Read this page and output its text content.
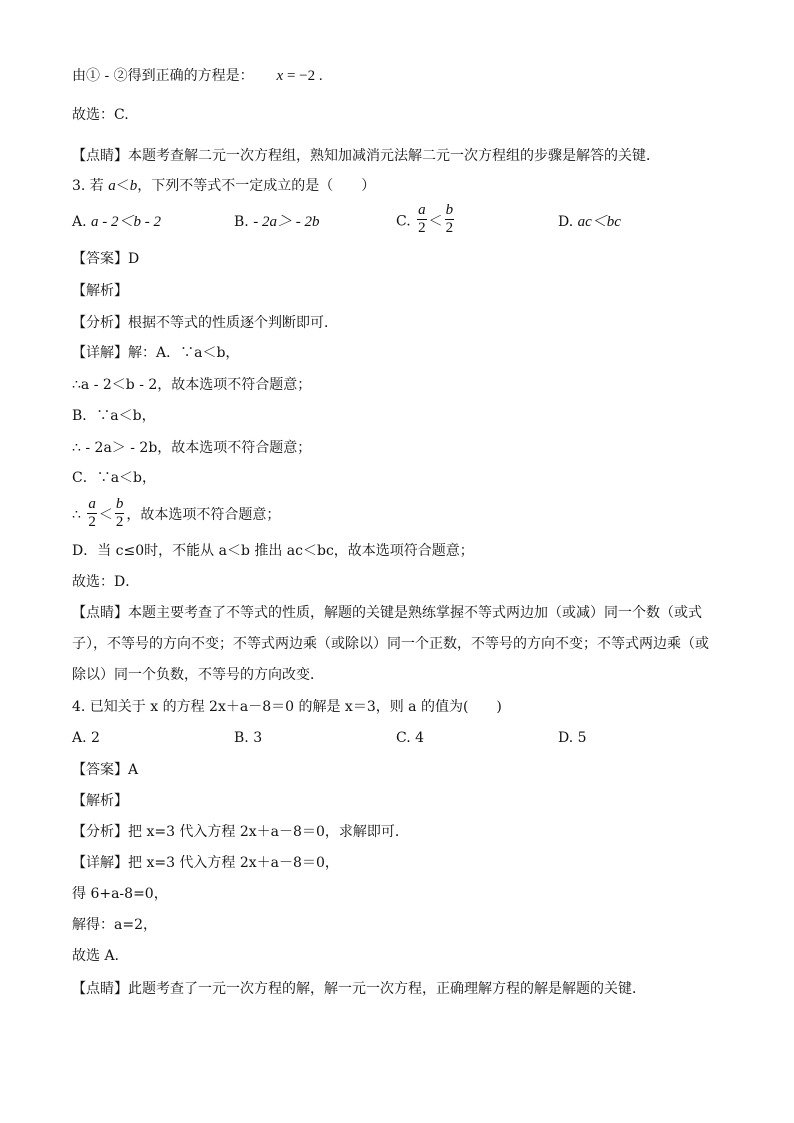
由① - ②得到正确的方程是： x = −2 .
故选：C.
【点睛】本题考查解二元一次方程组，熟知加减消元法解二元一次方程组的步骤是解答的关键．
3. 若 a＜b，下列不等式不一定成立的是（　　）
A. a - 2＜b - 2	B. - 2a＞ - 2b	C. $\frac{a}{2} < \frac{b}{2}$	D. ac＜bc
【答案】D
【解析】
【分析】根据不等式的性质逐个判断即可．
【详解】解：A．∵a＜b，
∴a - 2＜b - 2，故本选项不符合题意；
B．∵a＜b，
∴ - 2a＞ - 2b，故本选项不符合题意；
C．∵a＜b，
∴ $\frac{a}{2} < \frac{b}{2}$ ，故本选项不符合题意；
D．当 c≤0时，不能从 a＜b 推出 ac＜bc，故本选项符合题意；
故选：D．
【点睛】本题主要考查了不等式的性质，解题的关键是熟练掌握不等式两边加（或减）同一个数（或式子），不等号的方向不变；不等式两边乘（或除以）同一个正数，不等号的方向不变；不等式两边乘（或除以）同一个负数，不等号的方向改变．
4. 已知关于 x 的方程 2x＋a－8＝0 的解是 x＝3，则 a 的值为(　　)
A. 2	B. 3	C. 4	D. 5
【答案】A
【解析】
【分析】把 x=3 代入方程 2x＋a－8＝0，求解即可．
【详解】把 x=3 代入方程 2x＋a－8＝0，
得 6+a-8=0，
解得：a=2，
故选 A.
【点睛】此题考查了一元一次方程的解，解一元一次方程，正确理解方程的解是解题的关键．
